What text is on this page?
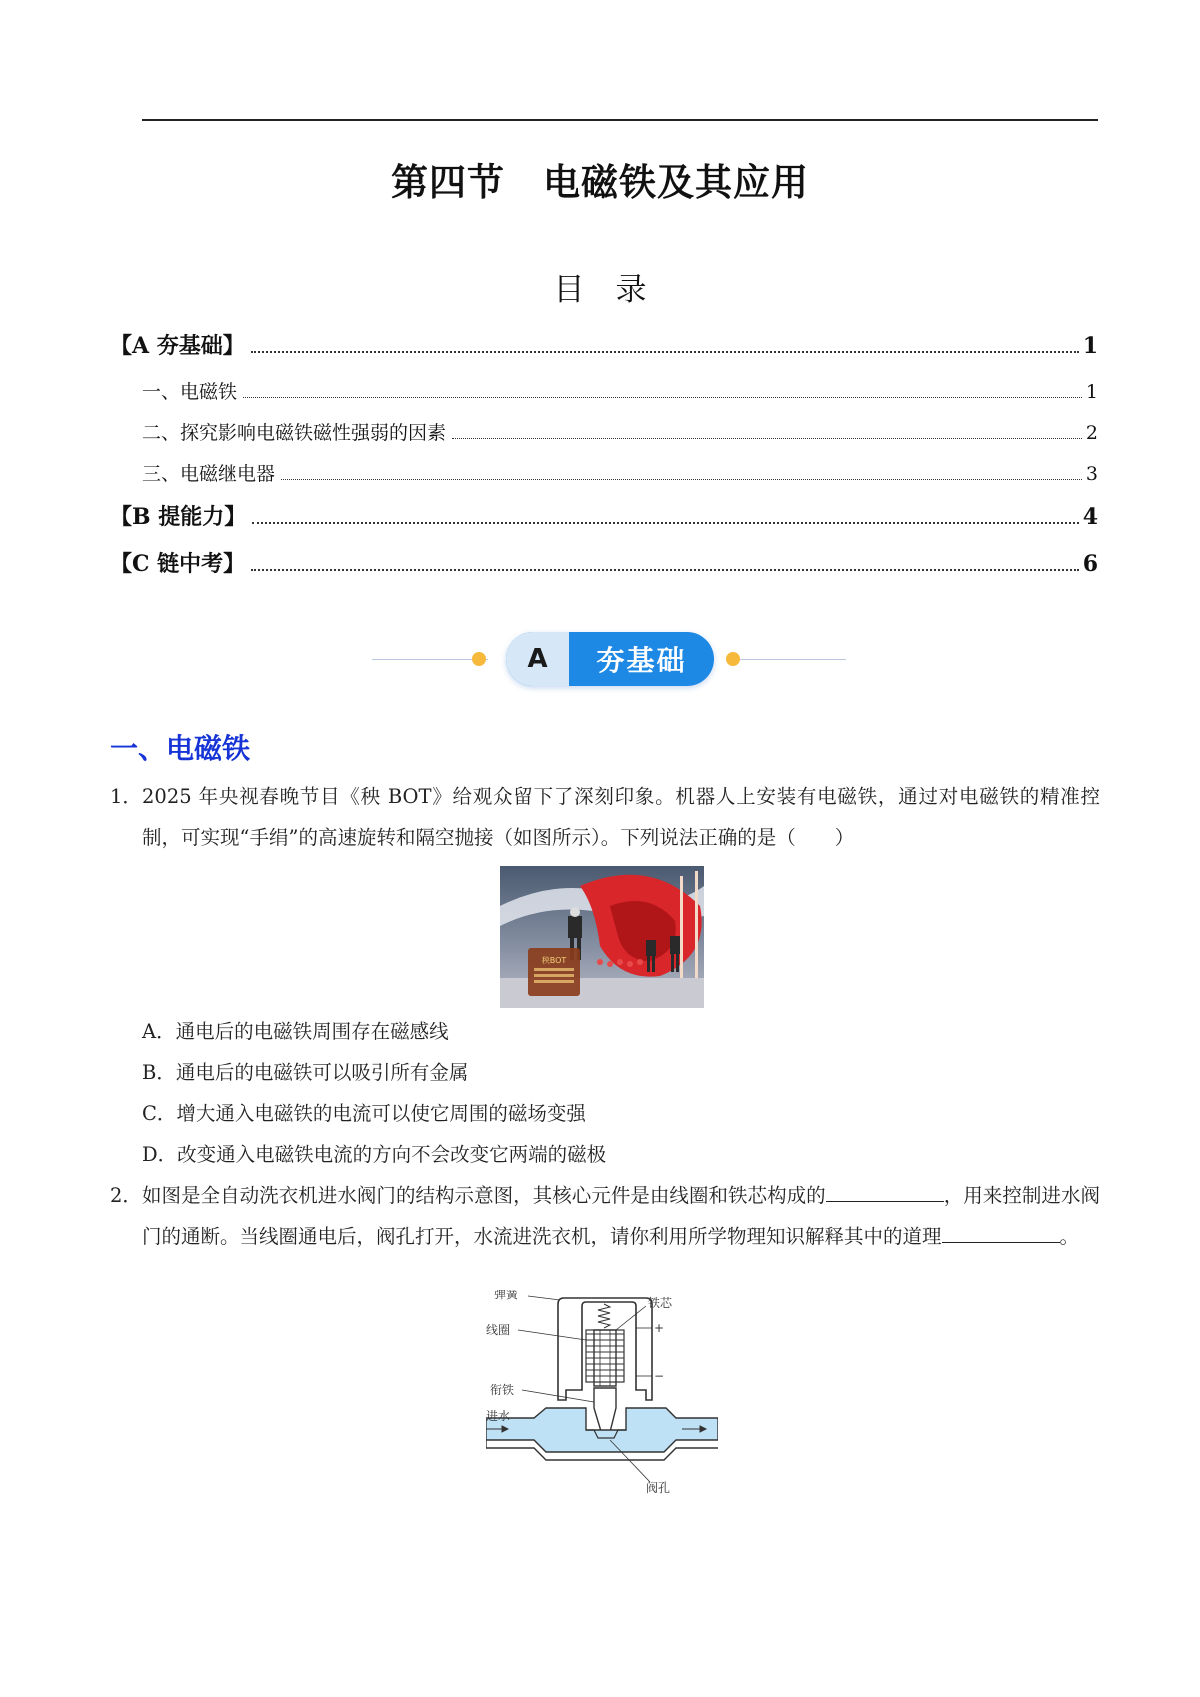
第四节　电磁铁及其应用
目　录
【A 夯基础】	1
一、电磁铁	1
二、探究影响电磁铁磁性强弱的因素	2
三、电磁继电器	3
【B 提能力】	4
【C 链中考】	6
A	夯基础
一、电磁铁
1． 2025 年央视春晚节目《秧 BOT》给观众留下了深刻印象。机器人上安装有电磁铁，通过对电磁铁的精准控制，可实现“手绢”的高速旋转和隔空抛接（如图所示）。下列说法正确的是（　　）
秧BOT
A．通电后的电磁铁周围存在磁感线
B．通电后的电磁铁可以吸引所有金属
C．增大通入电磁铁的电流可以使它周围的磁场变强
D．改变通入电磁铁电流的方向不会改变它两端的磁极
2． 如图是全自动洗衣机进水阀门的结构示意图，其核心元件是由线圈和铁芯构成的	，用来控制进水阀门的通断。当线圈通电后，阀孔打开，水流进洗衣机，请你利用所学物理知识解释其中的道理	。
弹簧
铁芯
线圈	+
−
衔铁
进水
阀孔
